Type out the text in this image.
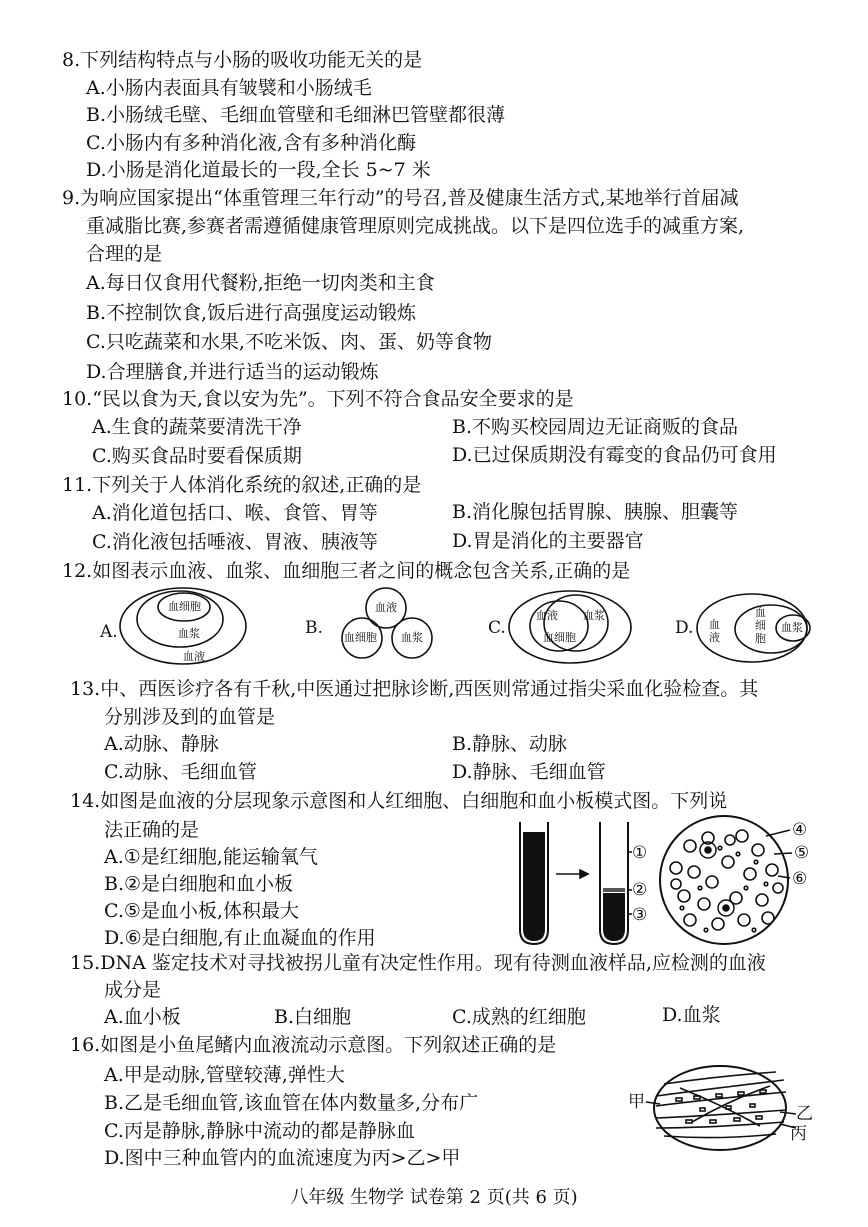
8.下列结构特点与小肠的吸收功能无关的是
A.小肠内表面具有皱襞和小肠绒毛
B.小肠绒毛壁、毛细血管壁和毛细淋巴管壁都很薄
C.小肠内有多种消化液,含有多种消化酶
D.小肠是消化道最长的一段,全长 5~7 米
9.为响应国家提出“体重管理三年行动”的号召,普及健康生活方式,某地举行首届减
重减脂比赛,参赛者需遵循健康管理原则完成挑战。以下是四位选手的减重方案,
合理的是
A.每日仅食用代餐粉,拒绝一切肉类和主食
B.不控制饮食,饭后进行高强度运动锻炼
C.只吃蔬菜和水果,不吃米饭、肉、蛋、奶等食物
D.合理膳食,并进行适当的运动锻炼
10.“民以食为天,食以安为先”。下列不符合食品安全要求的是
A.生食的蔬菜要清洗干净	B.不购买校园周边无证商贩的食品
C.购买食品时要看保质期	D.已过保质期没有霉变的食品仍可食用
11.下列关于人体消化系统的叙述,正确的是
A.消化道包括口、喉、食管、胃等	B.消化腺包括胃腺、胰腺、胆囊等
C.消化液包括唾液、胃液、胰液等	D.胃是消化的主要器官
12.如图表示血液、血浆、血细胞三者之间的概念包含关系,正确的是
A.
血细胞
血浆
血液
B.
血液
血细胞 血浆	C.
血液 血浆
血细胞	D. 血
液
血
细
胞
血浆
13.中、西医诊疗各有千秋,中医通过把脉诊断,西医则常通过指尖采血化验检查。其
分别涉及到的血管是
A.动脉、静脉	B.静脉、动脉
C.动脉、毛细血管	D.静脉、毛细血管
14.如图是血液的分层现象示意图和人红细胞、白细胞和血小板模式图。下列说
法正确的是
A.①是红细胞,能运输氧气
B.②是白细胞和血小板
C.⑤是血小板,体积最大
D.⑥是白细胞,有止血凝血的作用
①
②
③
④
⑤
⑥
15.DNA 鉴定技术对寻找被拐儿童有决定性作用。现有待测血液样品,应检测的血液
成分是
A.血小板	B.白细胞	C.成熟的红细胞	D.血浆
16.如图是小鱼尾鳍内血液流动示意图。下列叙述正确的是
A.甲是动脉,管壁较薄,弹性大
B.乙是毛细血管,该血管在体内数量多,分布广
C.丙是静脉,静脉中流动的都是静脉血
D.图中三种血管内的血流速度为丙>乙>甲
甲
乙
丙
八年级 生物学 试卷第 2 页(共 6 页)
